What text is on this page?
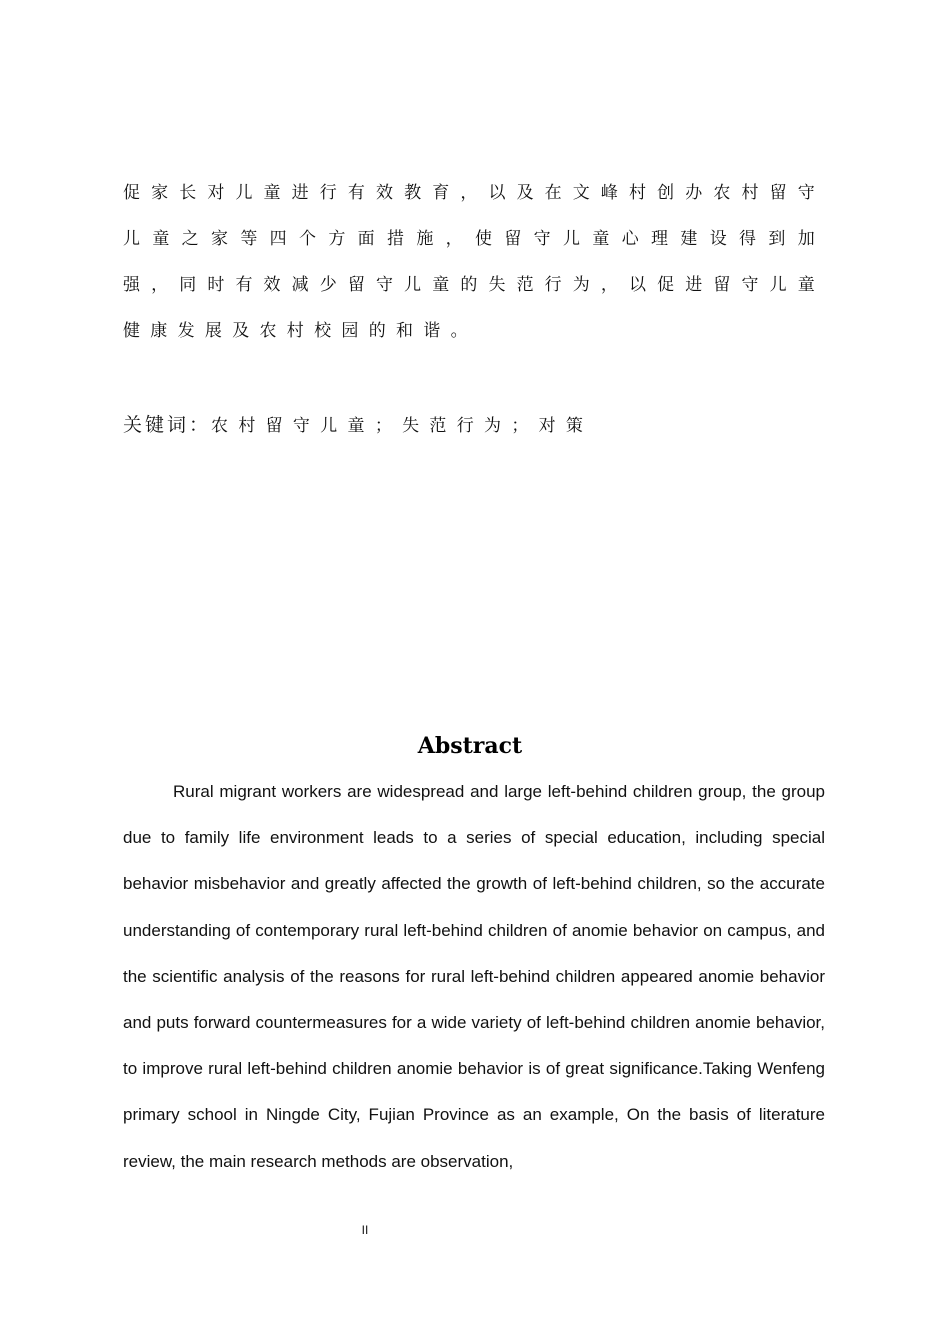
促家长对儿童进行有效教育，以及在文峰村创办农村留守儿童之家等四个方面措施，使留守儿童心理建设得到加强，同时有效减少留守儿童的失范行为，以促进留守儿童健康发展及农村校园的和谐。

关键词：农村留守儿童；失范行为；对策

Abstract

Rural migrant workers are widespread and large left-behind children group, the group due to family life environment leads to a series of special education, including special behavior misbehavior and greatly affected the growth of left-behind children, so the accurate understanding of contemporary rural left-behind children of anomie behavior on campus, and the scientific analysis of the reasons for rural left-behind children appeared anomie behavior and puts forward countermeasures for a wide variety of left-behind children anomie behavior, to improve rural left-behind children anomie behavior is of great significance.Taking Wenfeng primary school in Ningde City, Fujian Province as an example, On the basis of literature review, the main research methods are observation,

II
